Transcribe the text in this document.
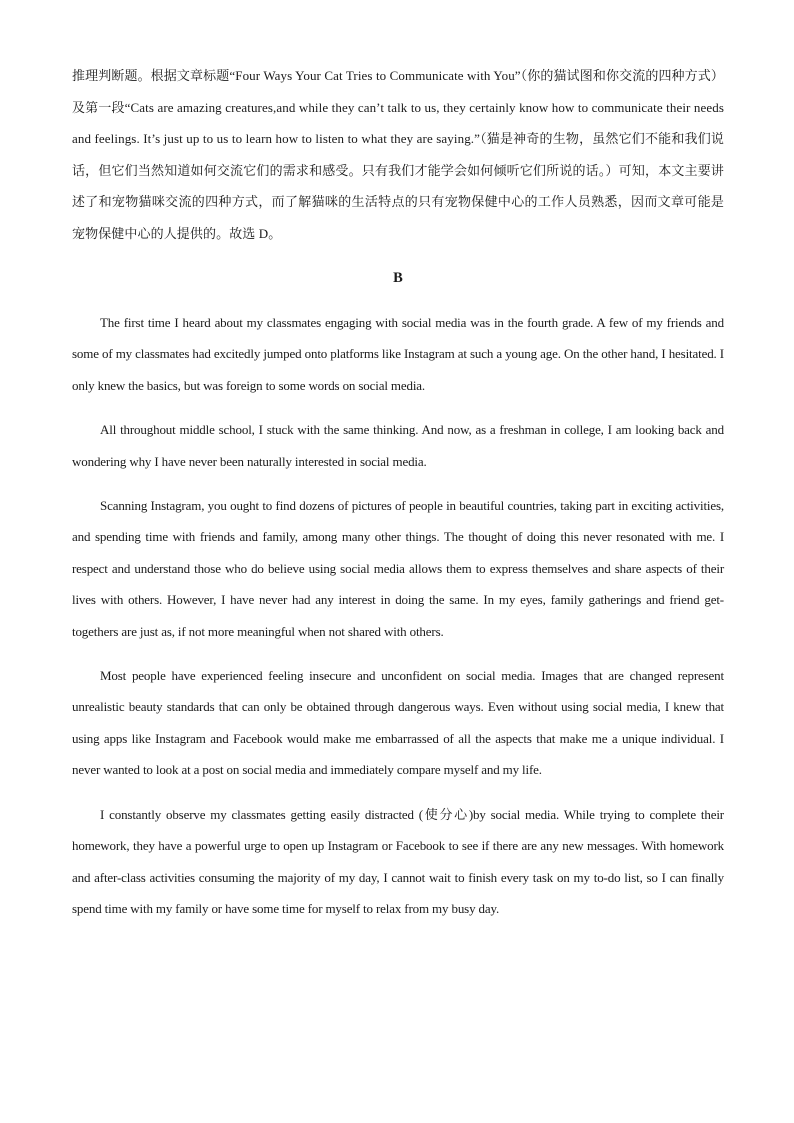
推理判断题。根据文章标题“Four Ways Your Cat Tries to Communicate with You”（你的猫试图和你交流的四种方式）及第一段“Cats are amazing creatures,and while they can’t talk to us, they certainly know how to communicate their needs and feelings. It’s just up to us to learn how to listen to what they are saying.”（猫是神奇的生物，虽然它们不能和我们说话，但它们当然知道如何交流它们的需求和感受。只有我们才能学会如何倾听它们所说的话。）可知，本文主要讲述了和宠物猫咪交流的四种方式，而了解猫咪的生活特点的只有宠物保健中心的工作人员熟悉，因而文章可能是宠物保健中心的人提供的。故选 D。

B

The first time I heard about my classmates engaging with social media was in the fourth grade. A few of my friends and some of my classmates had excitedly jumped onto platforms like Instagram at such a young age. On the other hand, I hesitated. I only knew the basics, but was foreign to some words on social media.

All throughout middle school, I stuck with the same thinking. And now, as a freshman in college, I am looking back and wondering why I have never been naturally interested in social media.

Scanning Instagram, you ought to find dozens of pictures of people in beautiful countries, taking part in exciting activities, and spending time with friends and family, among many other things. The thought of doing this never resonated with me. I respect and understand those who do believe using social media allows them to express themselves and share aspects of their lives with others. However, I have never had any interest in doing the same. In my eyes, family gatherings and friend get-togethers are just as, if not more meaningful when not shared with others.

Most people have experienced feeling insecure and unconfident on social media. Images that are changed represent unrealistic beauty standards that can only be obtained through dangerous ways. Even without using social media, I knew that using apps like Instagram and Facebook would make me embarrassed of all the aspects that make me a unique individual. I never wanted to look at a post on social media and immediately compare myself and my life.

I constantly observe my classmates getting easily distracted (使分心)by social media. While trying to complete their homework, they have a powerful urge to open up Instagram or Facebook to see if there are any new messages. With homework and after-class activities consuming the majority of my day, I cannot wait to finish every task on my to-do list, so I can finally spend time with my family or have some time for myself to relax from my busy day.
